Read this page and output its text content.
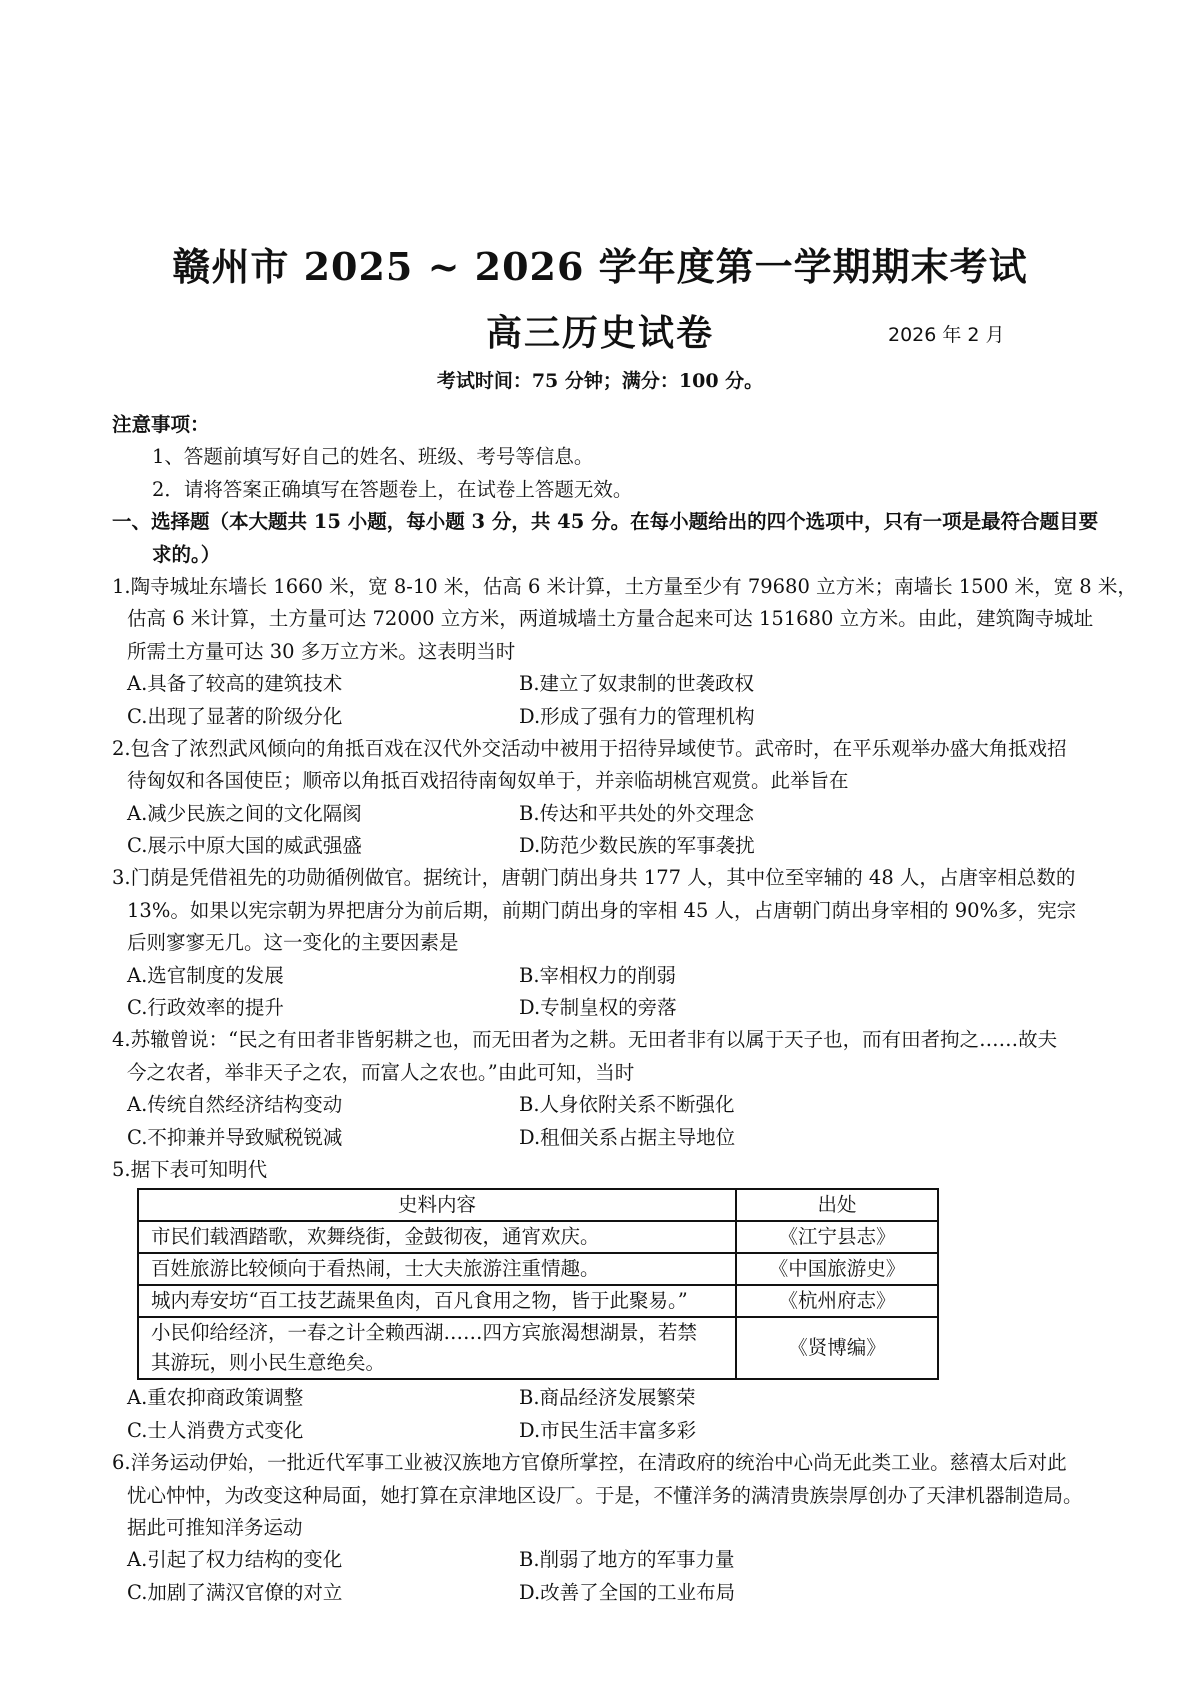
赣州市 2025 ~ 2026 学年度第一学期期末考试
高三历史试卷	2026 年 2 月
考试时间：75 分钟；满分：100 分。
注意事项：
1、答题前填写好自己的姓名、班级、考号等信息。
2．请将答案正确填写在答题卷上，在试卷上答题无效。
一、选择题（本大题共 15 小题，每小题 3 分，共 45 分。在每小题给出的四个选项中，只有一项是最符合题目要
求的。）
1.陶寺城址东墙长 1660 米，宽 8-10 米，估高 6 米计算，土方量至少有 79680 立方米；南墙长 1500 米，宽 8 米，
估高 6 米计算，土方量可达 72000 立方米，两道城墙土方量合起来可达 151680 立方米。由此，建筑陶寺城址
所需土方量可达 30 多万立方米。这表明当时
A.具备了较高的建筑技术	B.建立了奴隶制的世袭政权
C.出现了显著的阶级分化	D.形成了强有力的管理机构
2.包含了浓烈武风倾向的角抵百戏在汉代外交活动中被用于招待异域使节。武帝时，在平乐观举办盛大角抵戏招
待匈奴和各国使臣；顺帝以角抵百戏招待南匈奴单于，并亲临胡桃宫观赏。此举旨在
A.减少民族之间的文化隔阂	B.传达和平共处的外交理念
C.展示中原大国的威武强盛	D.防范少数民族的军事袭扰
3.门荫是凭借祖先的功勋循例做官。据统计，唐朝门荫出身共 177 人，其中位至宰辅的 48 人，占唐宰相总数的
13%。如果以宪宗朝为界把唐分为前后期，前期门荫出身的宰相 45 人，占唐朝门荫出身宰相的 90%多，宪宗
后则寥寥无几。这一变化的主要因素是
A.选官制度的发展	B.宰相权力的削弱
C.行政效率的提升	D.专制皇权的旁落
4.苏辙曾说：“民之有田者非皆躬耕之也，而无田者为之耕。无田者非有以属于天子也，而有田者拘之……故夫
今之农者，举非天子之农，而富人之农也。”由此可知，当时
A.传统自然经济结构变动	B.人身依附关系不断强化
C.不抑兼并导致赋税锐减	D.租佃关系占据主导地位
5.据下表可知明代
史料内容	出处
市民们载酒踏歌，欢舞绕街，金鼓彻夜，通宵欢庆。	《江宁县志》
百姓旅游比较倾向于看热闹，士大夫旅游注重情趣。	《中国旅游史》
城内寿安坊“百工技艺蔬果鱼肉，百凡食用之物，皆于此聚易。”	《杭州府志》

小民仰给经济，一春之计全赖西湖……四方宾旅渴想湖景，若禁
其游玩，则小民生意绝矣。	《贤博编》
A.重农抑商政策调整	B.商品经济发展繁荣
C.士人消费方式变化	D.市民生活丰富多彩
6.洋务运动伊始，一批近代军事工业被汉族地方官僚所掌控，在清政府的统治中心尚无此类工业。慈禧太后对此
忧心忡忡，为改变这种局面，她打算在京津地区设厂。于是，不懂洋务的满清贵族崇厚创办了天津机器制造局。
据此可推知洋务运动
A.引起了权力结构的变化	B.削弱了地方的军事力量
C.加剧了满汉官僚的对立	D.改善了全国的工业布局
